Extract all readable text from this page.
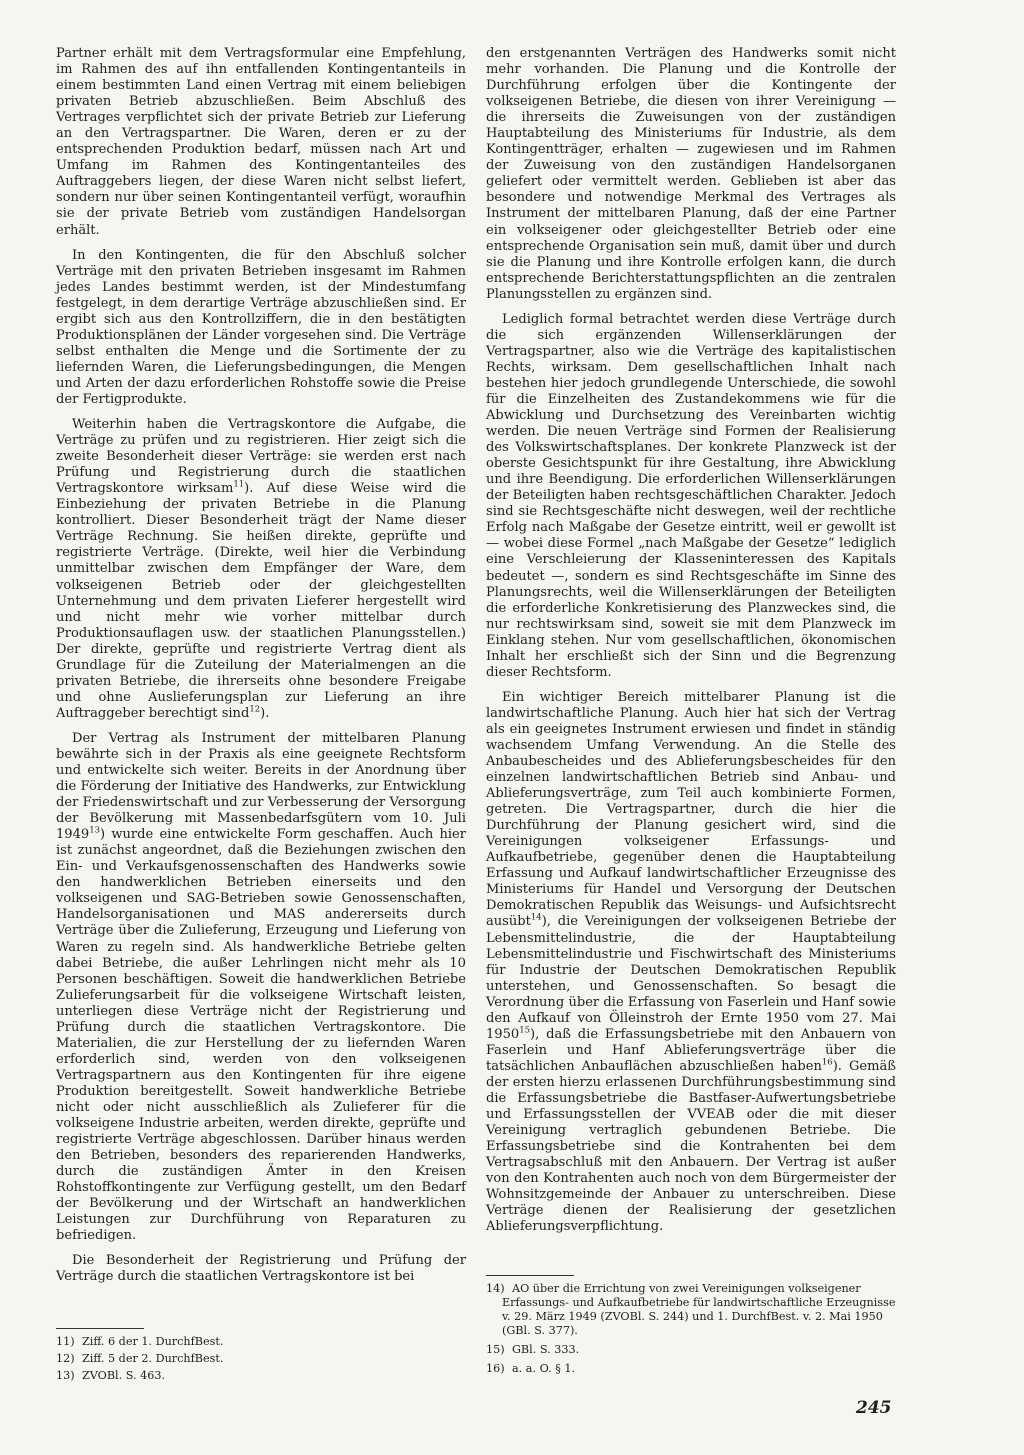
Partner erhält mit dem Vertragsformular eine Empfehlung, im Rahmen des auf ihn entfallenden Kontingentanteils in einem bestimmten Land einen Vertrag mit einem beliebigen privaten Betrieb abzuschließen. Beim Abschluß des Vertrages verpflichtet sich der private Betrieb zur Lieferung an den Vertragspartner. Die Waren, deren er zu der entsprechenden Produktion bedarf, müssen nach Art und Umfang im Rahmen des Kontingentanteiles des Auftraggebers liegen, der diese Waren nicht selbst liefert, sondern nur über seinen Kontingentanteil verfügt, woraufhin sie der private Betrieb vom zuständigen Handelsorgan erhält.

In den Kontingenten, die für den Abschluß solcher Verträge mit den privaten Betrieben insgesamt im Rahmen jedes Landes bestimmt werden, ist der Mindestumfang festgelegt, in dem derartige Verträge abzuschließen sind. Er ergibt sich aus den Kontrollziffern, die in den bestätigten Produktionsplänen der Länder vorgesehen sind. Die Verträge selbst enthalten die Menge und die Sortimente der zu liefernden Waren, die Lieferungsbedingungen, die Mengen und Arten der dazu erforderlichen Rohstoffe sowie die Preise der Fertigprodukte.

Weiterhin haben die Vertragskontore die Aufgabe, die Verträge zu prüfen und zu registrieren. Hier zeigt sich die zweite Besonderheit dieser Verträge: sie werden erst nach Prüfung und Registrierung durch die staatlichen Vertragskontore wirksam$^{11}$). Auf diese Weise wird die Einbeziehung der privaten Betriebe in die Planung kontrolliert. Dieser Besonderheit trägt der Name dieser Verträge Rechnung. Sie heißen direkte, geprüfte und registrierte Verträge. (Direkte, weil hier die Verbindung unmittelbar zwischen dem Empfänger der Ware, dem volkseigenen Betrieb oder der gleichgestellten Unternehmung und dem privaten Lieferer hergestellt wird und nicht mehr wie vorher mittelbar durch Produktionsauflagen usw. der staatlichen Planungsstellen.) Der direkte, geprüfte und registrierte Vertrag dient als Grundlage für die Zuteilung der Materialmengen an die privaten Betriebe, die ihrerseits ohne besondere Freigabe und ohne Auslieferungsplan zur Lieferung an ihre Auftraggeber berechtigt sind$^{12}$).

Der Vertrag als Instrument der mittelbaren Planung bewährte sich in der Praxis als eine geeignete Rechtsform und entwickelte sich weiter. Bereits in der Anordnung über die Förderung der Initiative des Handwerks, zur Entwicklung der Friedenswirtschaft und zur Verbesserung der Versorgung der Bevölkerung mit Massenbedarfsgütern vom 10. Juli 1949$^{13}$) wurde eine entwickelte Form geschaffen. Auch hier ist zunächst angeordnet, daß die Beziehungen zwischen den Ein- und Verkaufsgenossenschaften des Handwerks sowie den handwerklichen Betrieben einerseits und den volkseigenen und SAG-Betrieben sowie Genossenschaften, Handelsorganisationen und MAS andererseits durch Verträge über die Zulieferung, Erzeugung und Lieferung von Waren zu regeln sind. Als handwerkliche Betriebe gelten dabei Betriebe, die außer Lehrlingen nicht mehr als 10 Personen beschäftigen. Soweit die handwerklichen Betriebe Zulieferungsarbeit für die volkseigene Wirtschaft leisten, unterliegen diese Verträge nicht der Registrierung und Prüfung durch die staatlichen Vertragskontore. Die Materialien, die zur Herstellung der zu liefernden Waren erforderlich sind, werden von den volkseigenen Vertragspartnern aus den Kontingenten für ihre eigene Produktion bereitgestellt. Soweit handwerkliche Betriebe nicht oder nicht ausschließlich als Zulieferer für die volkseigene Industrie arbeiten, werden direkte, geprüfte und registrierte Verträge abgeschlossen. Darüber hinaus werden den Betrieben, besonders des reparierenden Handwerks, durch die zuständigen Ämter in den Kreisen Rohstoffkontingente zur Verfügung gestellt, um den Bedarf der Bevölkerung und der Wirtschaft an handwerklichen Leistungen zur Durchführung von Reparaturen zu befriedigen.

Die Besonderheit der Registrierung und Prüfung der Verträge durch die staatlichen Vertragskontore ist bei

den erstgenannten Verträgen des Handwerks somit nicht mehr vorhanden. Die Planung und die Kontrolle der Durchführung erfolgen über die Kontingente der volkseigenen Betriebe, die diesen von ihrer Vereinigung — die ihrerseits die Zuweisungen von der zuständigen Hauptabteilung des Ministeriums für Industrie, als dem Kontingentträger, erhalten — zugewiesen und im Rahmen der Zuweisung von den zuständigen Handelsorganen geliefert oder vermittelt werden. Geblieben ist aber das besondere und notwendige Merkmal des Vertrages als Instrument der mittelbaren Planung, daß der eine Partner ein volkseigener oder gleichgestellter Betrieb oder eine entsprechende Organisation sein muß, damit über und durch sie die Planung und ihre Kontrolle erfolgen kann, die durch entsprechende Berichterstattungspflichten an die zentralen Planungsstellen zu ergänzen sind.

Lediglich formal betrachtet werden diese Verträge durch die sich ergänzenden Willenserklärungen der Vertragspartner, also wie die Verträge des kapitalistischen Rechts, wirksam. Dem gesellschaftlichen Inhalt nach bestehen hier jedoch grundlegende Unterschiede, die sowohl für die Einzelheiten des Zustandekommens wie für die Abwicklung und Durchsetzung des Vereinbarten wichtig werden. Die neuen Verträge sind Formen der Realisierung des Volkswirtschaftsplanes. Der konkrete Planzweck ist der oberste Gesichtspunkt für ihre Gestaltung, ihre Abwicklung und ihre Beendigung. Die erforderlichen Willenserklärungen der Beteiligten haben rechtsgeschäftlichen Charakter. Jedoch sind sie Rechtsgeschäfte nicht deswegen, weil der rechtliche Erfolg nach Maßgabe der Gesetze eintritt, weil er gewollt ist — wobei diese Formel „nach Maßgabe der Gesetze“ lediglich eine Verschleierung der Klasseninteressen des Kapitals bedeutet —, sondern es sind Rechtsgeschäfte im Sinne des Planungsrechts, weil die Willenserklärungen der Beteiligten die erforderliche Konkretisierung des Planzweckes sind, die nur rechtswirksam sind, soweit sie mit dem Planzweck im Einklang stehen. Nur vom gesellschaftlichen, ökonomischen Inhalt her erschließt sich der Sinn und die Begrenzung dieser Rechtsform.

Ein wichtiger Bereich mittelbarer Planung ist die landwirtschaftliche Planung. Auch hier hat sich der Vertrag als ein geeignetes Instrument erwiesen und findet in ständig wachsendem Umfang Verwendung. An die Stelle des Anbaubescheides und des Ablieferungsbescheides für den einzelnen landwirtschaftlichen Betrieb sind Anbau- und Ablieferungsverträge, zum Teil auch kombinierte Formen, getreten. Die Vertragspartner, durch die hier die Durchführung der Planung gesichert wird, sind die Vereinigungen volkseigener Erfassungs- und Aufkaufbetriebe, gegenüber denen die Hauptabteilung Erfassung und Aufkauf landwirtschaftlicher Erzeugnisse des Ministeriums für Handel und Versorgung der Deutschen Demokratischen Republik das Weisungs- und Aufsichtsrecht ausübt$^{14}$), die Vereinigungen der volkseigenen Betriebe der Lebensmittelindustrie, die der Hauptabteilung Lebensmittelindustrie und Fischwirtschaft des Ministeriums für Industrie der Deutschen Demokratischen Republik unterstehen, und Genossenschaften. So besagt die Verordnung über die Erfassung von Faserlein und Hanf sowie den Aufkauf von Ölleinstroh der Ernte 1950 vom 27. Mai 1950$^{15}$), daß die Erfassungsbetriebe mit den Anbauern von Faserlein und Hanf Ablieferungsverträge über die tatsächlichen Anbauflächen abzuschließen haben$^{16}$). Gemäß der ersten hierzu erlassenen Durchführungsbestimmung sind die Erfassungsbetriebe die Bastfaser-Aufwertungsbetriebe und Erfassungsstellen der VVEAB oder die mit dieser Vereinigung vertraglich gebundenen Betriebe. Die Erfassungsbetriebe sind die Kontrahenten bei dem Vertragsabschluß mit den Anbauern. Der Vertrag ist außer von den Kontrahenten auch noch von dem Bürgermeister der Wohnsitzgemeinde der Anbauer zu unterschreiben. Diese Verträge dienen der Realisierung der gesetzlichen Ablieferungsverpflichtung.

11) Ziff. 6 der 1. DurchfBest.
12) Ziff. 5 der 2. DurchfBest.
13) ZVOBl. S. 463.
14) AO über die Errichtung von zwei Vereinigungen volkseigener Erfassungs- und Aufkaufbetriebe für landwirtschaftliche Erzeugnisse v. 29. März 1949 (ZVOBl. S. 244) und 1. DurchfBest. v. 2. Mai 1950 (GBl. S. 377).
15) GBl. S. 333.
16) a. a. O. § 1.
245
